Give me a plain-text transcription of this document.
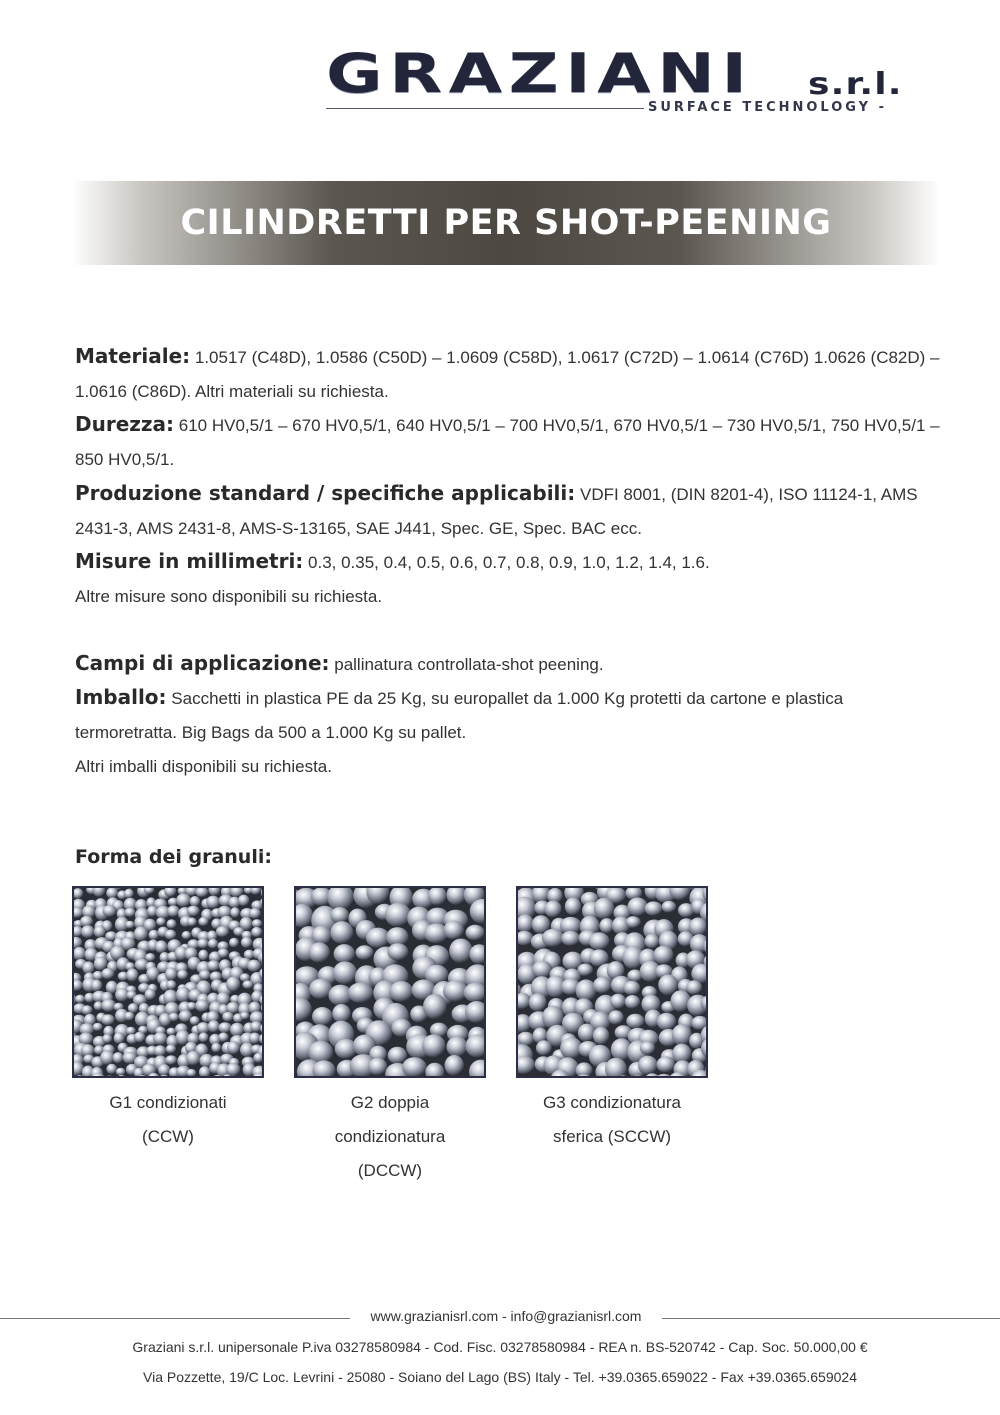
GRAZIANI s.r.l.
SURFACE TECHNOLOGY -
CILINDRETTI PER SHOT-PEENING

Materiale: 1.0517 (C48D), 1.0586 (C50D) – 1.0609 (C58D), 1.0617 (C72D) – 1.0614 (C76D) 1.0626 (C82D) – 1.0616 (C86D). Altri materiali su richiesta.

Durezza: 610 HV0,5/1 – 670 HV0,5/1, 640 HV0,5/1 – 700 HV0,5/1, 670 HV0,5/1 – 730 HV0,5/1, 750 HV0,5/1 – 850 HV0,5/1.

Produzione standard / specifiche applicabili: VDFI 8001, (DIN 8201-4), ISO 11124-1, AMS 2431-3, AMS 2431-8, AMS-S-13165, SAE J441, Spec. GE, Spec. BAC ecc.

Misure in millimetri: 0.3, 0.35, 0.4, 0.5, 0.6, 0.7, 0.8, 0.9, 1.0, 1.2, 1.4, 1.6.

Altre misure sono disponibili su richiesta.

Campi di applicazione: pallinatura controllata-shot peening.

Imballo: Sacchetti in plastica PE da 25 Kg, su europallet da 1.000 Kg protetti da cartone e plastica termoretratta. Big Bags da 500 a 1.000 Kg su pallet.

Altri imballi disponibili su richiesta.

Forma dei granuli:
G1 condizionati
(CCW)
G2 doppia
condizionatura
(DCCW)
G3 condizionatura
sferica (SCCW)
www.grazianisrl.com - info@grazianisrl.com
Graziani s.r.l. unipersonale P.iva 03278580984 - Cod. Fisc. 03278580984 - REA n. BS-520742 - Cap. Soc. 50.000,00 €
Via Pozzette, 19/C Loc. Levrini - 25080 - Soiano del Lago (BS) Italy - Tel. +39.0365.659022 - Fax +39.0365.659024
